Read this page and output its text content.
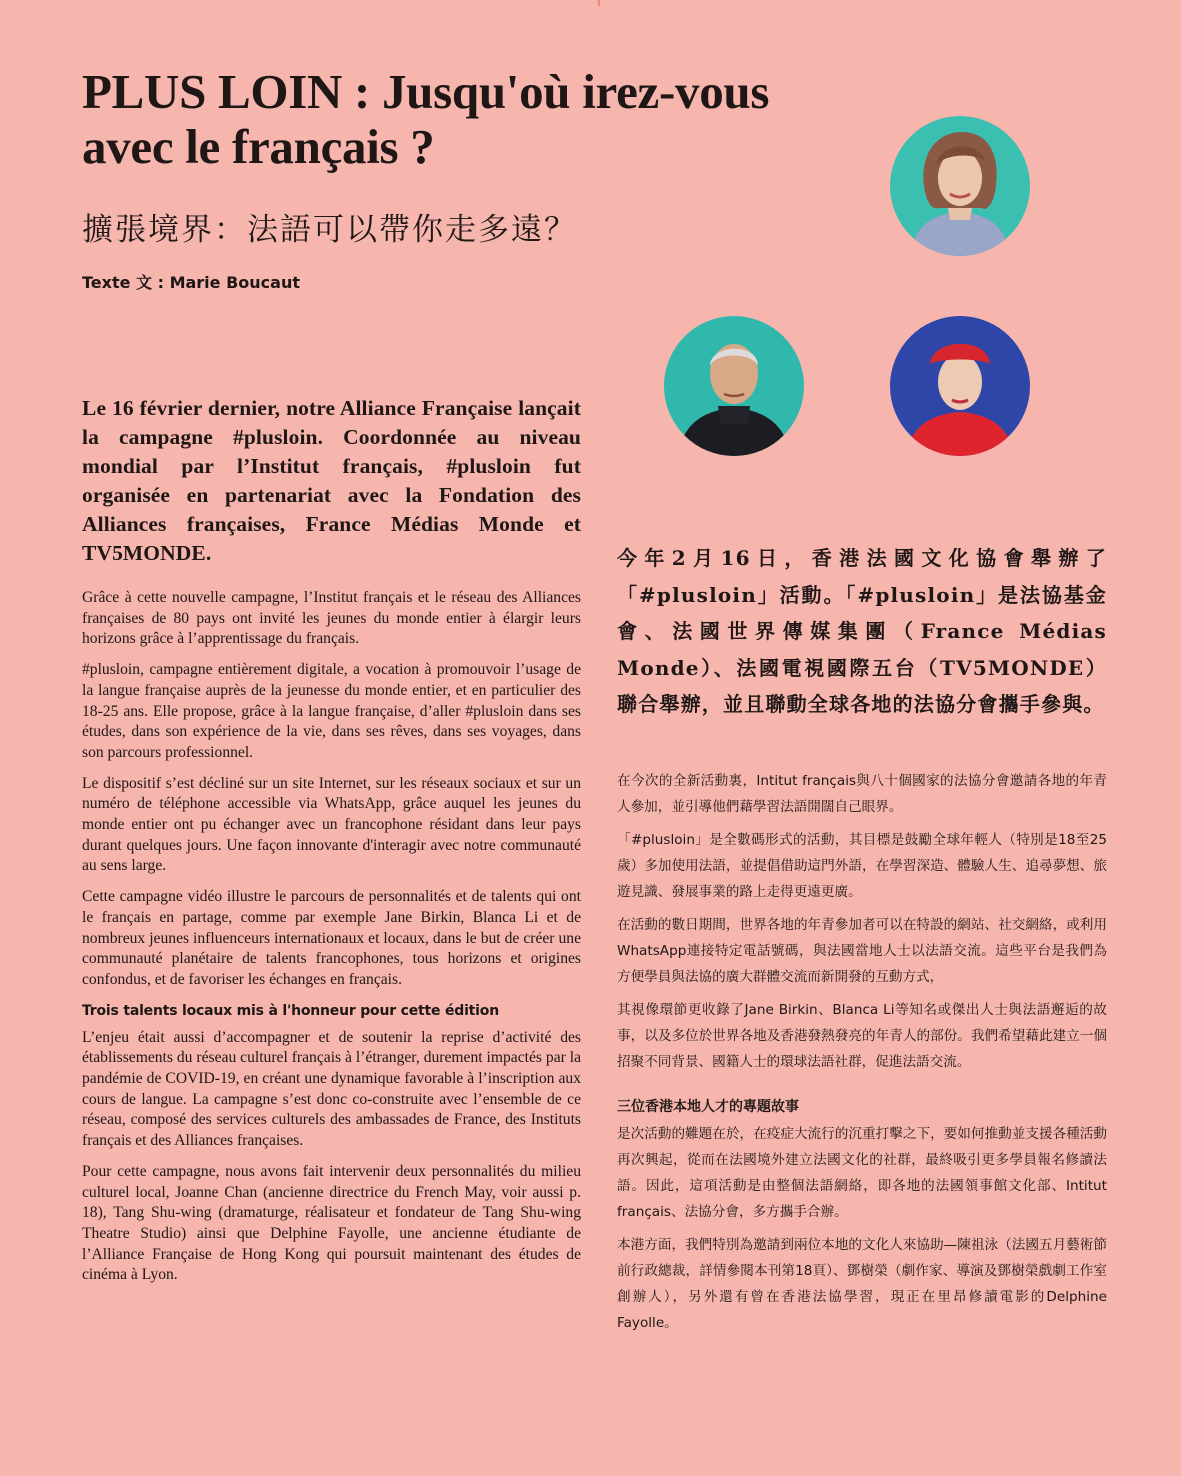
PLUS LOIN : Jusqu'où irez-vous avec le français ?
擴張境界：法語可以帶你走多遠？
Texte 文 : Marie Boucaut

Le 16 février dernier, notre Alliance Française lançait la campagne #plusloin. Coordonnée au niveau mondial par l’Institut français, #plusloin fut organisée en partenariat avec la Fondation des Alliances françaises, France Médias Monde et TV5MONDE.

Grâce à cette nouvelle campagne, l’Institut français et le réseau des Alliances françaises de 80 pays ont invité les jeunes du monde entier à élargir leurs horizons grâce à l’apprentissage du français.

#plusloin, campagne entièrement digitale, a vocation à promouvoir l’usage de la langue française auprès de la jeunesse du monde entier, et en particulier des 18-25 ans. Elle propose, grâce à la langue française, d’aller #plusloin dans ses études, dans son expérience de la vie, dans ses rêves, dans ses voyages, dans son parcours professionnel.

Le dispositif s’est décliné sur un site Internet, sur les réseaux sociaux et sur un numéro de téléphone accessible via WhatsApp, grâce auquel les jeunes du monde entier ont pu échanger avec un francophone résidant dans leur pays durant quelques jours. Une façon innovante d'interagir avec notre communauté au sens large.

Cette campagne vidéo illustre le parcours de personnalités et de talents qui ont le français en partage, comme par exemple Jane Birkin, Blanca Li et de nombreux jeunes influenceurs internationaux et locaux, dans le but de créer une communauté planétaire de talents francophones, tous horizons et origines confondus, et de favoriser les échanges en français.

Trois talents locaux mis à l'honneur pour cette édition

L’enjeu était aussi d’accompagner et de soutenir la reprise d’activité des établissements du réseau culturel français à l’étranger, durement impactés par la pandémie de COVID-19, en créant une dynamique favorable à l’inscription aux cours de langue. La campagne s’est donc co-construite avec l’ensemble de ce réseau, composé des services culturels des ambassades de France, des Instituts français et des Alliances françaises.

Pour cette campagne, nous avons fait intervenir deux personnalités du milieu culturel local, Joanne Chan (ancienne directrice du French May, voir aussi p. 18), Tang Shu-wing (dramaturge, réalisateur et fondateur de Tang Shu-wing Theatre Studio) ainsi que Delphine Fayolle, une ancienne étudiante de l’Alliance Française de Hong Kong qui poursuit maintenant des études de cinéma à Lyon.

今年2月16日，香港法國文化協會舉辦了「#plusloin」活動。「#plusloin」是法協基金會、法國世界傳媒集團（France Médias Monde）、法國電視國際五台（TV5MONDE）聯合舉辦，並且聯動全球各地的法協分會攜手參與。

在今次的全新活動裏，Intitut français與八十個國家的法協分會邀請各地的年青人參加，並引導他們藉學習法語開闊自己眼界。

「#plusloin」是全數碼形式的活動，其目標是鼓勵全球年輕人（特別是18至25歲）多加使用法語，並提倡借助這門外語，在學習深造、體驗人生、追尋夢想、旅遊見識、發展事業的路上走得更遠更廣。

在活動的數日期間，世界各地的年青參加者可以在特設的網站、社交網絡，或利用WhatsApp連接特定電話號碼，與法國當地人士以法語交流。這些平台是我們為方便學員與法協的廣大群體交流而新開發的互動方式，

其視像環節更收錄了Jane Birkin、Blanca Li等知名或傑出人士與法語邂逅的故事，以及多位於世界各地及香港發熱發亮的年青人的部份。我們希望藉此建立一個招聚不同背景、國籍人士的環球法語社群，促進法語交流。

三位香港本地人才的專題故事

是次活動的難題在於，在疫症大流行的沉重打擊之下，要如何推動並支援各種活動再次興起，從而在法國境外建立法國文化的社群，最終吸引更多學員報名修讀法語。因此，這項活動是由整個法語網絡，即各地的法國領事館文化部、Intitut français、法協分會，多方攜手合辦。

本港方面，我們特別為邀請到兩位本地的文化人來協助—陳祖泳（法國五月藝術節前行政總裁，詳情參閱本刊第18頁）、鄧樹榮（劇作家、導演及鄧樹榮戲劇工作室創辦人），另外還有曾在香港法協學習，現正在里昂修讀電影的Delphine Fayolle。
